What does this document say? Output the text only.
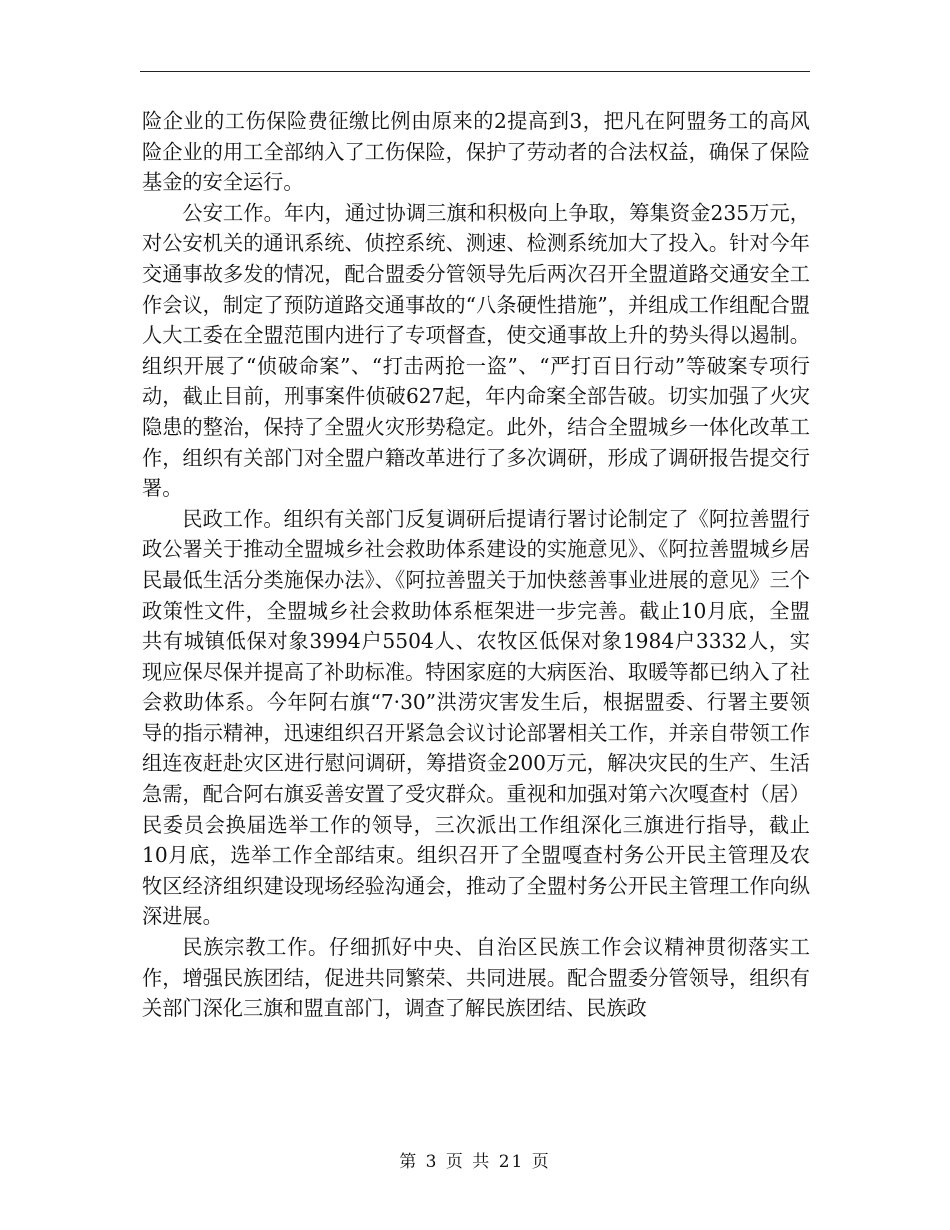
险企业的工伤保险费征缴比例由原来的2提高到3，把凡在阿盟务工的高风险企业的用工全部纳入了工伤保险，保护了劳动者的合法权益，确保了保险基金的安全运行。

公安工作。年内，通过协调三旗和积极向上争取，筹集资金235万元，对公安机关的通讯系统、侦控系统、测速、检测系统加大了投入。针对今年交通事故多发的情况，配合盟委分管领导先后两次召开全盟道路交通安全工作会议，制定了预防道路交通事故的“八条硬性措施”，并组成工作组配合盟人大工委在全盟范围内进行了专项督查，使交通事故上升的势头得以遏制。组织开展了“侦破命案”、“打击两抢一盗”、“严打百日行动”等破案专项行动，截止目前，刑事案件侦破627起，年内命案全部告破。切实加强了火灾隐患的整治，保持了全盟火灾形势稳定。此外，结合全盟城乡一体化改革工作，组织有关部门对全盟户籍改革进行了多次调研，形成了调研报告提交行署。

民政工作。组织有关部门反复调研后提请行署讨论制定了《阿拉善盟行政公署关于推动全盟城乡社会救助体系建设的实施意见》、《阿拉善盟城乡居民最低生活分类施保办法》、《阿拉善盟关于加快慈善事业进展的意见》三个政策性文件，全盟城乡社会救助体系框架进一步完善。截止10月底，全盟共有城镇低保对象3994户5504人、农牧区低保对象1984户3332人，实现应保尽保并提高了补助标准。特困家庭的大病医治、取暖等都已纳入了社会救助体系。今年阿右旗“7·30”洪涝灾害发生后，根据盟委、行署主要领导的指示精神，迅速组织召开紧急会议讨论部署相关工作，并亲自带领工作组连夜赶赴灾区进行慰问调研，筹措资金200万元，解决灾民的生产、生活急需，配合阿右旗妥善安置了受灾群众。重视和加强对第六次嘎查村（居）民委员会换届选举工作的领导，三次派出工作组深化三旗进行指导，截止10月底，选举工作全部结束。组织召开了全盟嘎查村务公开民主管理及农牧区经济组织建设现场经验沟通会，推动了全盟村务公开民主管理工作向纵深进展。

民族宗教工作。仔细抓好中央、自治区民族工作会议精神贯彻落实工作，增强民族团结，促进共同繁荣、共同进展。配合盟委分管领导，组织有关部门深化三旗和盟直部门，调查了解民族团结、民族政

第 3 页 共 21 页
